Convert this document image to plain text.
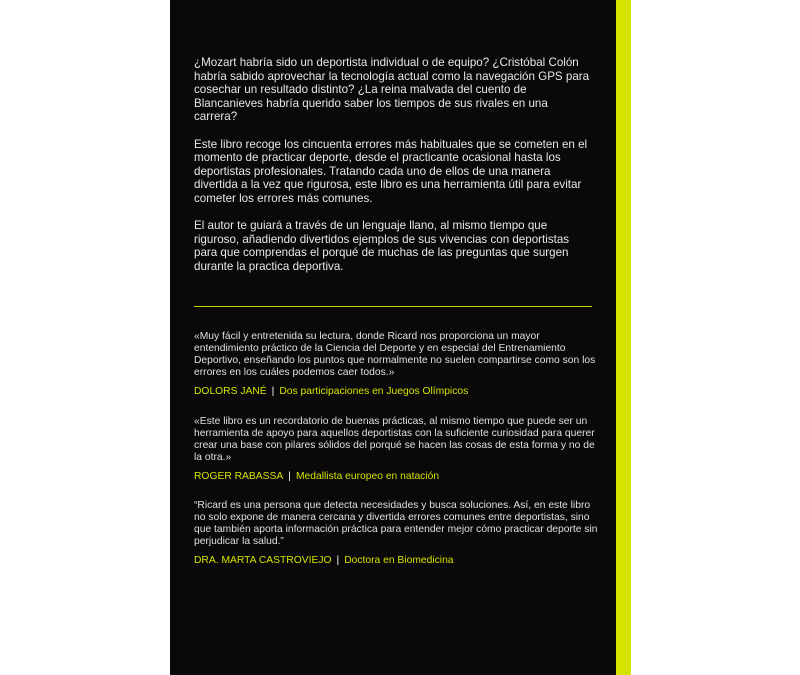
¿Mozart habría sido un deportista individual o de equipo? ¿Cristóbal Colón habría sabido aprovechar la tecnología actual como la navegación GPS para cosechar un resultado distinto? ¿La reina malvada del cuento de Blancanieves habría querido saber los tiempos de sus rivales en una carrera?

Este libro recoge los cincuenta errores más habituales que se cometen en el momento de practicar deporte, desde el practicante ocasional hasta los deportistas profesionales. Tratando cada uno de ellos de una manera divertida a la vez que rigurosa, este libro es una herramienta útil para evitar cometer los errores más comunes.

El autor te guiará a través de un lenguaje llano, al mismo tiempo que riguroso, añadiendo divertidos ejemplos de sus vivencias con deportistas para que comprendas el porqué de muchas de las preguntas que surgen durante la practica deportiva.

«Muy fácil y entretenida su lectura, donde Ricard nos proporciona un mayor entendimiento práctico de la Ciencia del Deporte y en especial del Entrenamiento Deportivo, enseñando los puntos que normalmente no suelen compartirse como son los errores en los cuáles podemos caer todos.»

DOLORS JANÉ | Dos participaciones en Juegos Olímpicos

«Este libro es un recordatorio de buenas prácticas, al mismo tiempo que puede ser un herramienta de apoyo para aquellos deportistas con la suficiente curiosidad para querer crear una base con pilares sólidos del porqué se hacen las cosas de esta forma y no de la otra.»

ROGER RABASSA | Medallista europeo en natación

“Ricard es una persona que detecta necesidades y busca soluciones. Así, en este libro no solo expone de manera cercana y divertida errores comunes entre deportistas, sino que también aporta información práctica para entender mejor cómo practicar deporte sin perjudicar la salud.”

DRA. MARTA CASTROVIEJO | Doctora en Biomedicina
